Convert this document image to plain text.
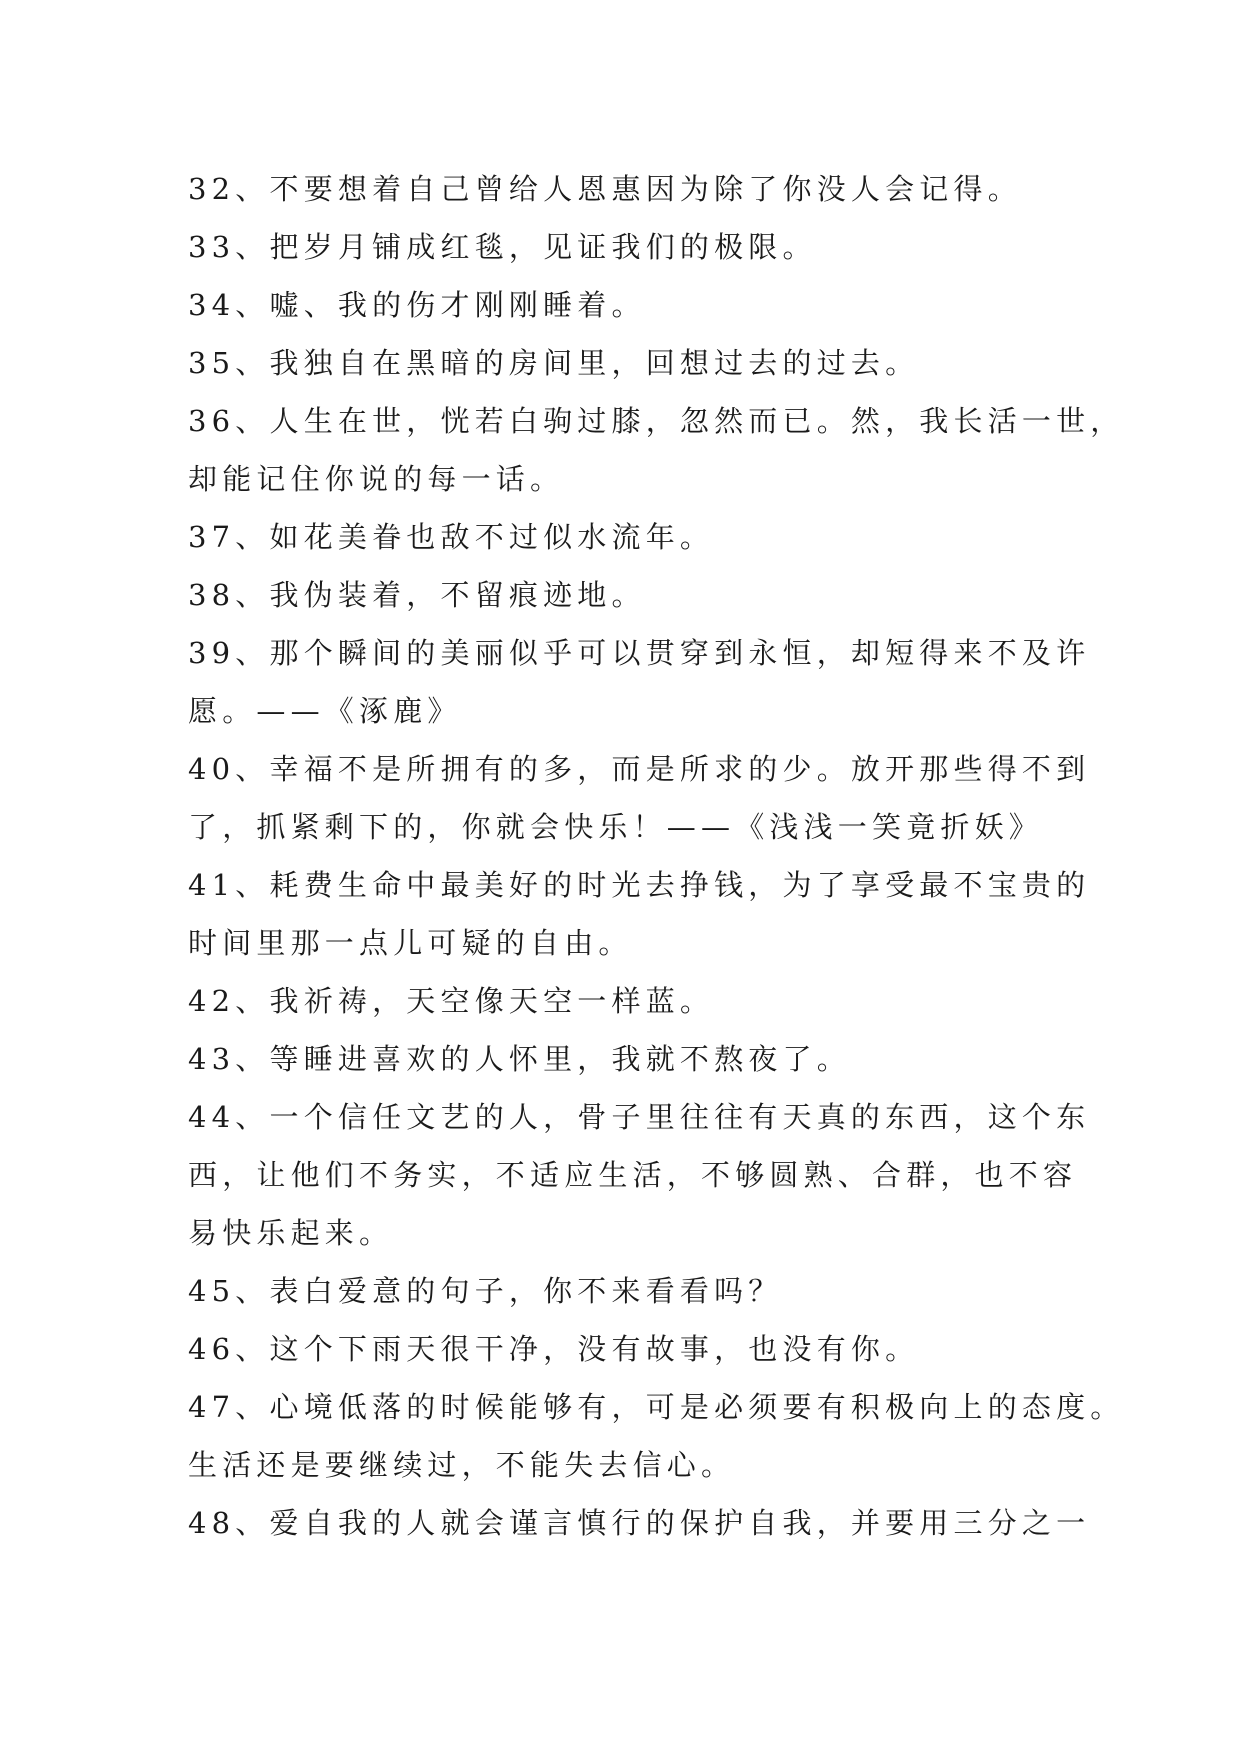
32、不要想着自己曾给人恩惠因为除了你没人会记得。
33、把岁月铺成红毯，见证我们的极限。
34、嘘、我的伤才刚刚睡着。
35、我独自在黑暗的房间里，回想过去的过去。
36、人生在世，恍若白驹过膝，忽然而已。然，我长活一世，
却能记住你说的每一话。
37、如花美眷也敌不过似水流年。
38、我伪装着，不留痕迹地。
39、那个瞬间的美丽似乎可以贯穿到永恒，却短得来不及许
愿。——《涿鹿》
40、幸福不是所拥有的多，而是所求的少。放开那些得不到
了，抓紧剩下的，你就会快乐！——《浅浅一笑竟折妖》
41、耗费生命中最美好的时光去挣钱，为了享受最不宝贵的
时间里那一点儿可疑的自由。
42、我祈祷，天空像天空一样蓝。
43、等睡进喜欢的人怀里，我就不熬夜了。
44、一个信任文艺的人，骨子里往往有天真的东西，这个东
西，让他们不务实，不适应生活，不够圆熟、合群，也不容
易快乐起来。
45、表白爱意的句子，你不来看看吗？
46、这个下雨天很干净，没有故事，也没有你。
47、心境低落的时候能够有，可是必须要有积极向上的态度。
生活还是要继续过，不能失去信心。
48、爱自我的人就会谨言慎行的保护自我，并要用三分之一
